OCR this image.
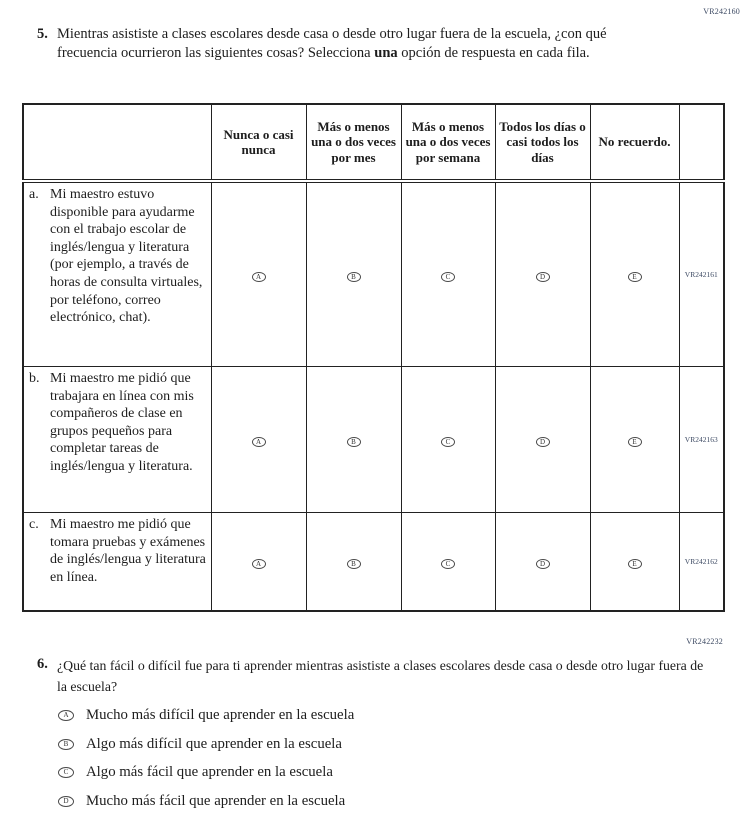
VR242160
5. Mientras asististe a clases escolares desde casa o desde otro lugar fuera de la escuela, ¿con qué frecuencia ocurrieron las siguientes cosas? Selecciona una opción de respuesta en cada fila.
	Nunca o casi nunca	Más o menos una o dos veces por mes	Más o menos una o dos veces por semana	Todos los días o casi todos los días	No recuerdo.	

a. Mi maestro estuvo disponible para ayudarme con el trabajo escolar de inglés/lengua y literatura (por ejemplo, a través de horas de consulta virtuales, por teléfono, correo electrónico, chat).	A	B	C	D	E	VR242161

b. Mi maestro me pidió que trabajara en línea con mis compañeros de clase en grupos pequeños para completar tareas de inglés/lengua y literatura.	A	B	C	D	E	VR242163

c. Mi maestro me pidió que tomara pruebas y exámenes de inglés/lengua y literatura en línea.	A	B	C	D	E	VR242162
VR242232
6. ¿Qué tan fácil o difícil fue para ti aprender mientras asististe a clases escolares desde casa o desde otro lugar fuera de la escuela?
A	Mucho más difícil que aprender en la escuela
B	Algo más difícil que aprender en la escuela
C	Algo más fácil que aprender en la escuela
D	Mucho más fácil que aprender en la escuela
